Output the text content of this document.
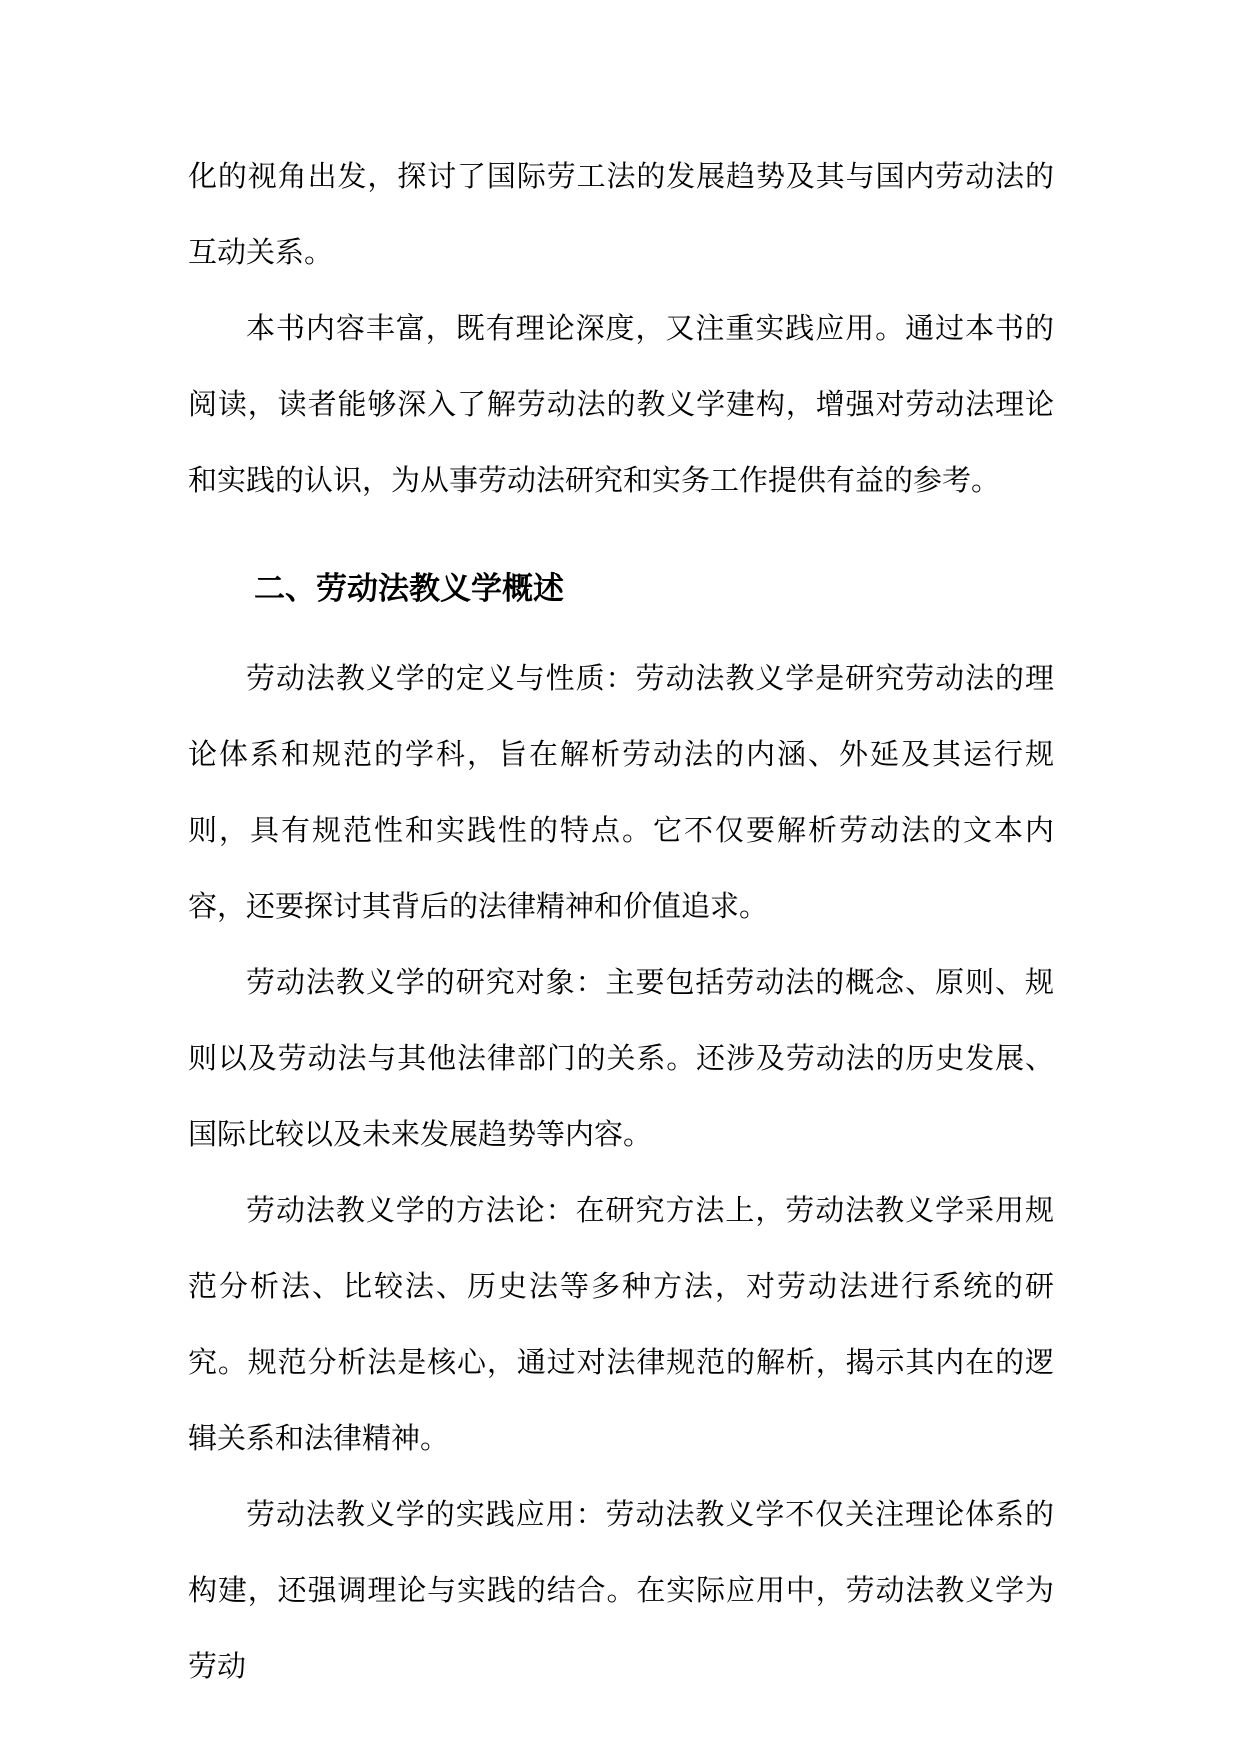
化的视角出发，探讨了国际劳工法的发展趋势及其与国内劳动法的互动关系。

本书内容丰富，既有理论深度，又注重实践应用。通过本书的阅读，读者能够深入了解劳动法的教义学建构，增强对劳动法理论和实践的认识，为从事劳动法研究和实务工作提供有益的参考。

二、劳动法教义学概述

劳动法教义学的定义与性质：劳动法教义学是研究劳动法的理论体系和规范的学科，旨在解析劳动法的内涵、外延及其运行规则，具有规范性和实践性的特点。它不仅要解析劳动法的文本内容，还要探讨其背后的法律精神和价值追求。

劳动法教义学的研究对象：主要包括劳动法的概念、原则、规则以及劳动法与其他法律部门的关系。还涉及劳动法的历史发展、国际比较以及未来发展趋势等内容。

劳动法教义学的方法论：在研究方法上，劳动法教义学采用规范分析法、比较法、历史法等多种方法，对劳动法进行系统的研究。规范分析法是核心，通过对法律规范的解析，揭示其内在的逻辑关系和法律精神。

劳动法教义学的实践应用：劳动法教义学不仅关注理论体系的构建，还强调理论与实践的结合。在实际应用中，劳动法教义学为劳动
